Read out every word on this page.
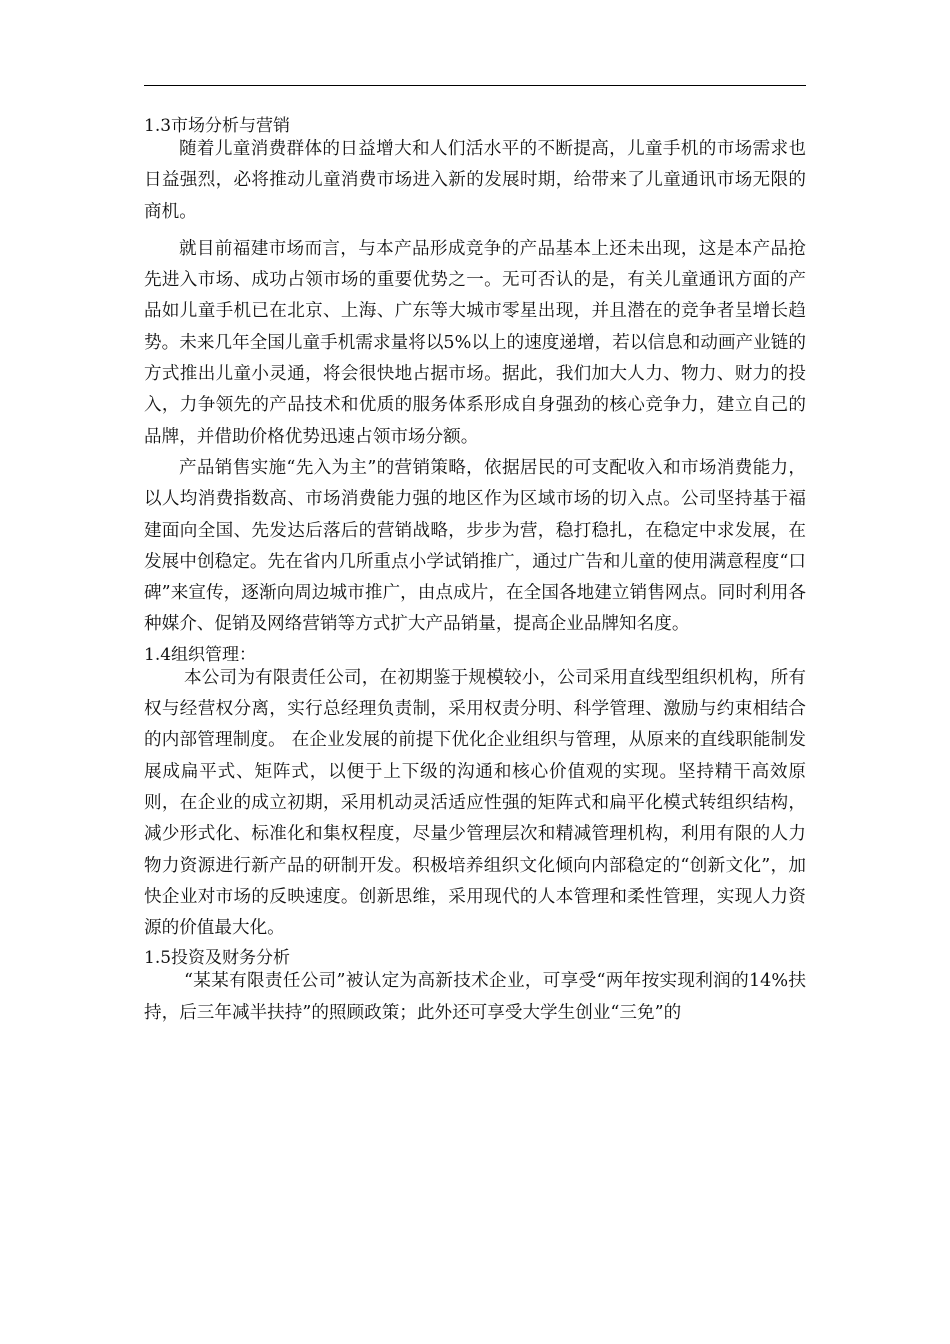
1.3市场分析与营销

随着儿童消费群体的日益增大和人们活水平的不断提高，儿童手机的市场需求也日益强烈，必将推动儿童消费市场进入新的发展时期，给带来了儿童通讯市场无限的商机。

就目前福建市场而言，与本产品形成竞争的产品基本上还未出现，这是本产品抢先进入市场、成功占领市场的重要优势之一。无可否认的是，有关儿童通讯方面的产品如儿童手机已在北京、上海、广东等大城市零星出现，并且潜在的竞争者呈增长趋势。未来几年全国儿童手机需求量将以5%以上的速度递增，若以信息和动画产业链的方式推出儿童小灵通，将会很快地占据市场。据此，我们加大人力、物力、财力的投入，力争领先的产品技术和优质的服务体系形成自身强劲的核心竞争力，建立自己的品牌，并借助价格优势迅速占领市场分额。

产品销售实施“先入为主”的营销策略，依据居民的可支配收入和市场消费能力，以人均消费指数高、市场消费能力强的地区作为区域市场的切入点。公司坚持基于福建面向全国、先发达后落后的营销战略，步步为营，稳打稳扎，在稳定中求发展，在发展中创稳定。先在省内几所重点小学试销推广，通过广告和儿童的使用满意程度“口碑”来宣传，逐渐向周边城市推广，由点成片，在全国各地建立销售网点。同时利用各种媒介、促销及网络营销等方式扩大产品销量，提高企业品牌知名度。

1.4组织管理：

本公司为有限责任公司，在初期鉴于规模较小，公司采用直线型组织机构，所有权与经营权分离，实行总经理负责制，采用权责分明、科学管理、激励与约束相结合的内部管理制度。 在企业发展的前提下优化企业组织与管理，从原来的直线职能制发展成扁平式、矩阵式，以便于上下级的沟通和核心价值观的实现。坚持精干高效原则，在企业的成立初期，采用机动灵活适应性强的矩阵式和扁平化模式转组织结构，减少形式化、标准化和集权程度，尽量少管理层次和精减管理机构，利用有限的人力物力资源进行新产品的研制开发。积极培养组织文化倾向内部稳定的“创新文化”，加快企业对市场的反映速度。创新思维，采用现代的人本管理和柔性管理，实现人力资源的价值最大化。

1.5投资及财务分析

“某某有限责任公司”被认定为高新技术企业，可享受“两年按实现利润的14%扶持，后三年减半扶持”的照顾政策；此外还可享受大学生创业“三免”的
